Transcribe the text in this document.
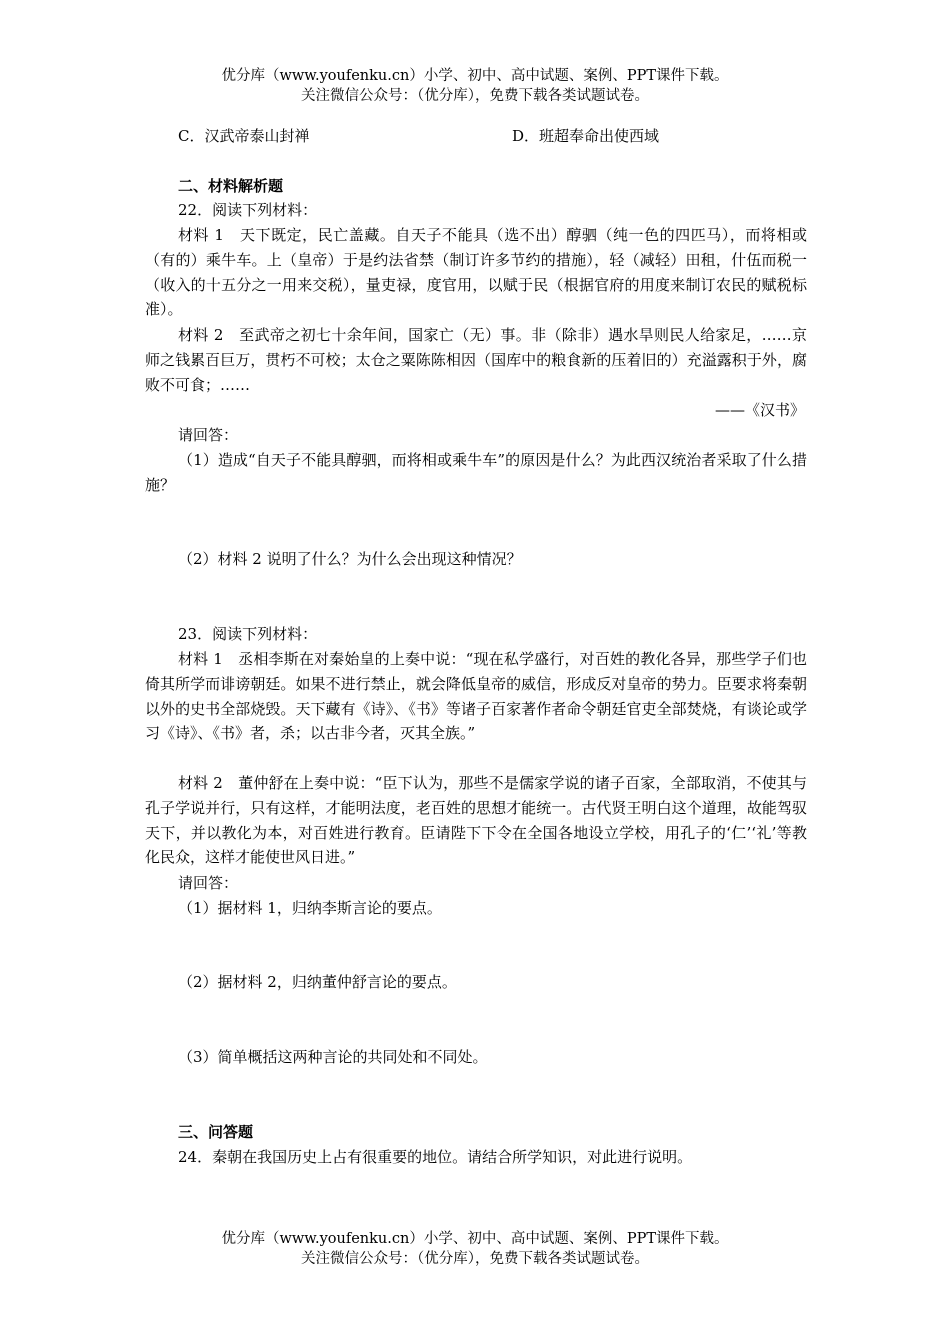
优分库（www.youfenku.cn）小学、初中、高中试题、案例、PPT课件下载。
关注微信公众号：（优分库），免费下载各类试题试卷。
C．汉武帝泰山封禅	D．班超奉命出使西域
二、材料解析题
22．阅读下列材料：
材料 1　天下既定，民亡盖藏。自天子不能具（选不出）醇驷（纯一色的四匹马），而将相或（有的）乘牛车。上（皇帝）于是约法省禁（制订许多节约的措施），轻（减轻）田租，什伍而税一（收入的十五分之一用来交税），量吏禄，度官用，以赋于民（根据官府的用度来制订农民的赋税标准）。
材料 2　至武帝之初七十余年间，国家亡（无）事。非（除非）遇水旱则民人给家足，……京师之钱累百巨万，贯朽不可校；太仓之粟陈陈相因（国库中的粮食新的压着旧的）充溢露积于外，腐败不可食；……
——《汉书》
请回答：
（1）造成“自天子不能具醇驷，而将相或乘牛车”的原因是什么？为此西汉统治者采取了什么措施？
（2）材料 2 说明了什么？为什么会出现这种情况？
23．阅读下列材料：
材料 1　丞相李斯在对秦始皇的上奏中说：“现在私学盛行，对百姓的教化各异，那些学子们也倚其所学而诽谤朝廷。如果不进行禁止，就会降低皇帝的威信，形成反对皇帝的势力。臣要求将秦朝以外的史书全部烧毁。天下藏有《诗》、《书》等诸子百家著作者命令朝廷官吏全部焚烧，有谈论或学习《诗》、《书》者，杀；以古非今者，灭其全族。”
材料 2　董仲舒在上奏中说：“臣下认为，那些不是儒家学说的诸子百家，全部取消，不使其与孔子学说并行，只有这样，才能明法度，老百姓的思想才能统一。古代贤王明白这个道理，故能驾驭天下，并以教化为本，对百姓进行教育。臣请陛下下令在全国各地设立学校，用孔子的‘仁’‘礼’等教化民众，这样才能使世风日进。”
请回答：
（1）据材料 1，归纳李斯言论的要点。
（2）据材料 2，归纳董仲舒言论的要点。
（3）简单概括这两种言论的共同处和不同处。
三、问答题
24．秦朝在我国历史上占有很重要的地位。请结合所学知识，对此进行说明。
优分库（www.youfenku.cn）小学、初中、高中试题、案例、PPT课件下载。
关注微信公众号：（优分库），免费下载各类试题试卷。
